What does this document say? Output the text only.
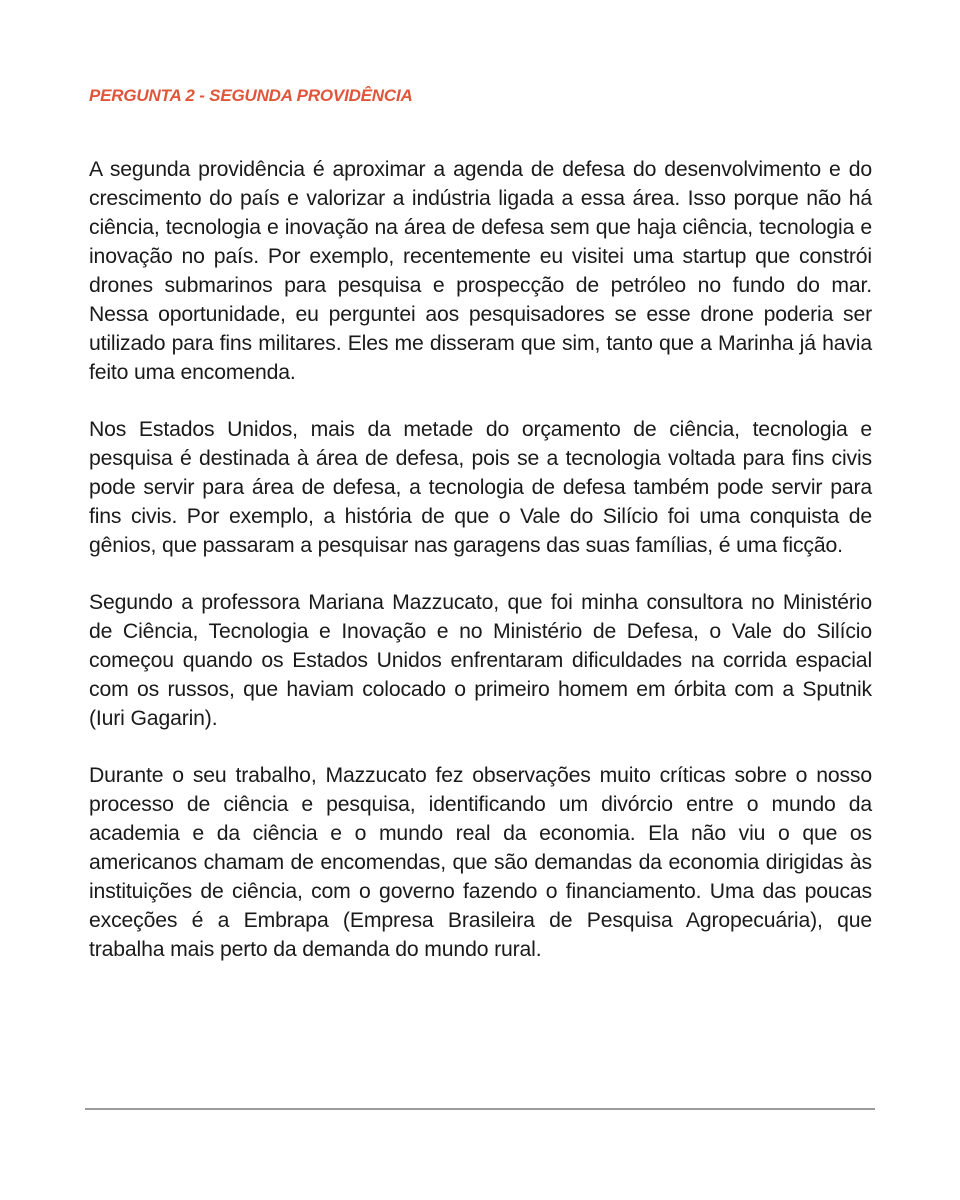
PERGUNTA 2 - SEGUNDA PROVIDÊNCIA

A segunda providência é aproximar a agenda de defesa do desenvolvimento e do crescimento do país e valorizar a indústria ligada a essa área. Isso porque não há ciência, tecnologia e inovação na área de defesa sem que haja ciência, tecnologia e inovação no país. Por exemplo, recentemente eu visitei uma startup que constrói drones submarinos para pesquisa e prospecção de petróleo no fundo do mar. Nessa oportunidade, eu perguntei aos pesquisadores se esse drone poderia ser utilizado para fins militares. Eles me disseram que sim, tanto que a Marinha já havia feito uma encomenda.

Nos Estados Unidos, mais da metade do orçamento de ciência, tecnologia e pesquisa é destinada à área de defesa, pois se a tecnologia voltada para fins civis pode servir para área de defesa, a tecnologia de defesa também pode servir para fins civis. Por exemplo, a história de que o Vale do Silício foi uma conquista de gênios, que passaram a pesquisar nas garagens das suas famílias, é uma ficção.

Segundo a professora Mariana Mazzucato, que foi minha consultora no Ministério de Ciência, Tecnologia e Inovação e no Ministério de Defesa, o Vale do Silício começou quando os Estados Unidos enfrentaram dificuldades na corrida espacial com os russos, que haviam colocado o primeiro homem em órbita com a Sputnik (Iuri Gagarin).

Durante o seu trabalho, Mazzucato fez observações muito críticas sobre o nosso processo de ciência e pesquisa, identificando um divórcio entre o mundo da academia e da ciência e o mundo real da economia. Ela não viu o que os americanos chamam de encomendas, que são demandas da economia dirigidas às instituições de ciência, com o governo fazendo o financiamento. Uma das poucas exceções é a Embrapa (Empresa Brasileira de Pesquisa Agropecuária), que trabalha mais perto da demanda do mundo rural.
